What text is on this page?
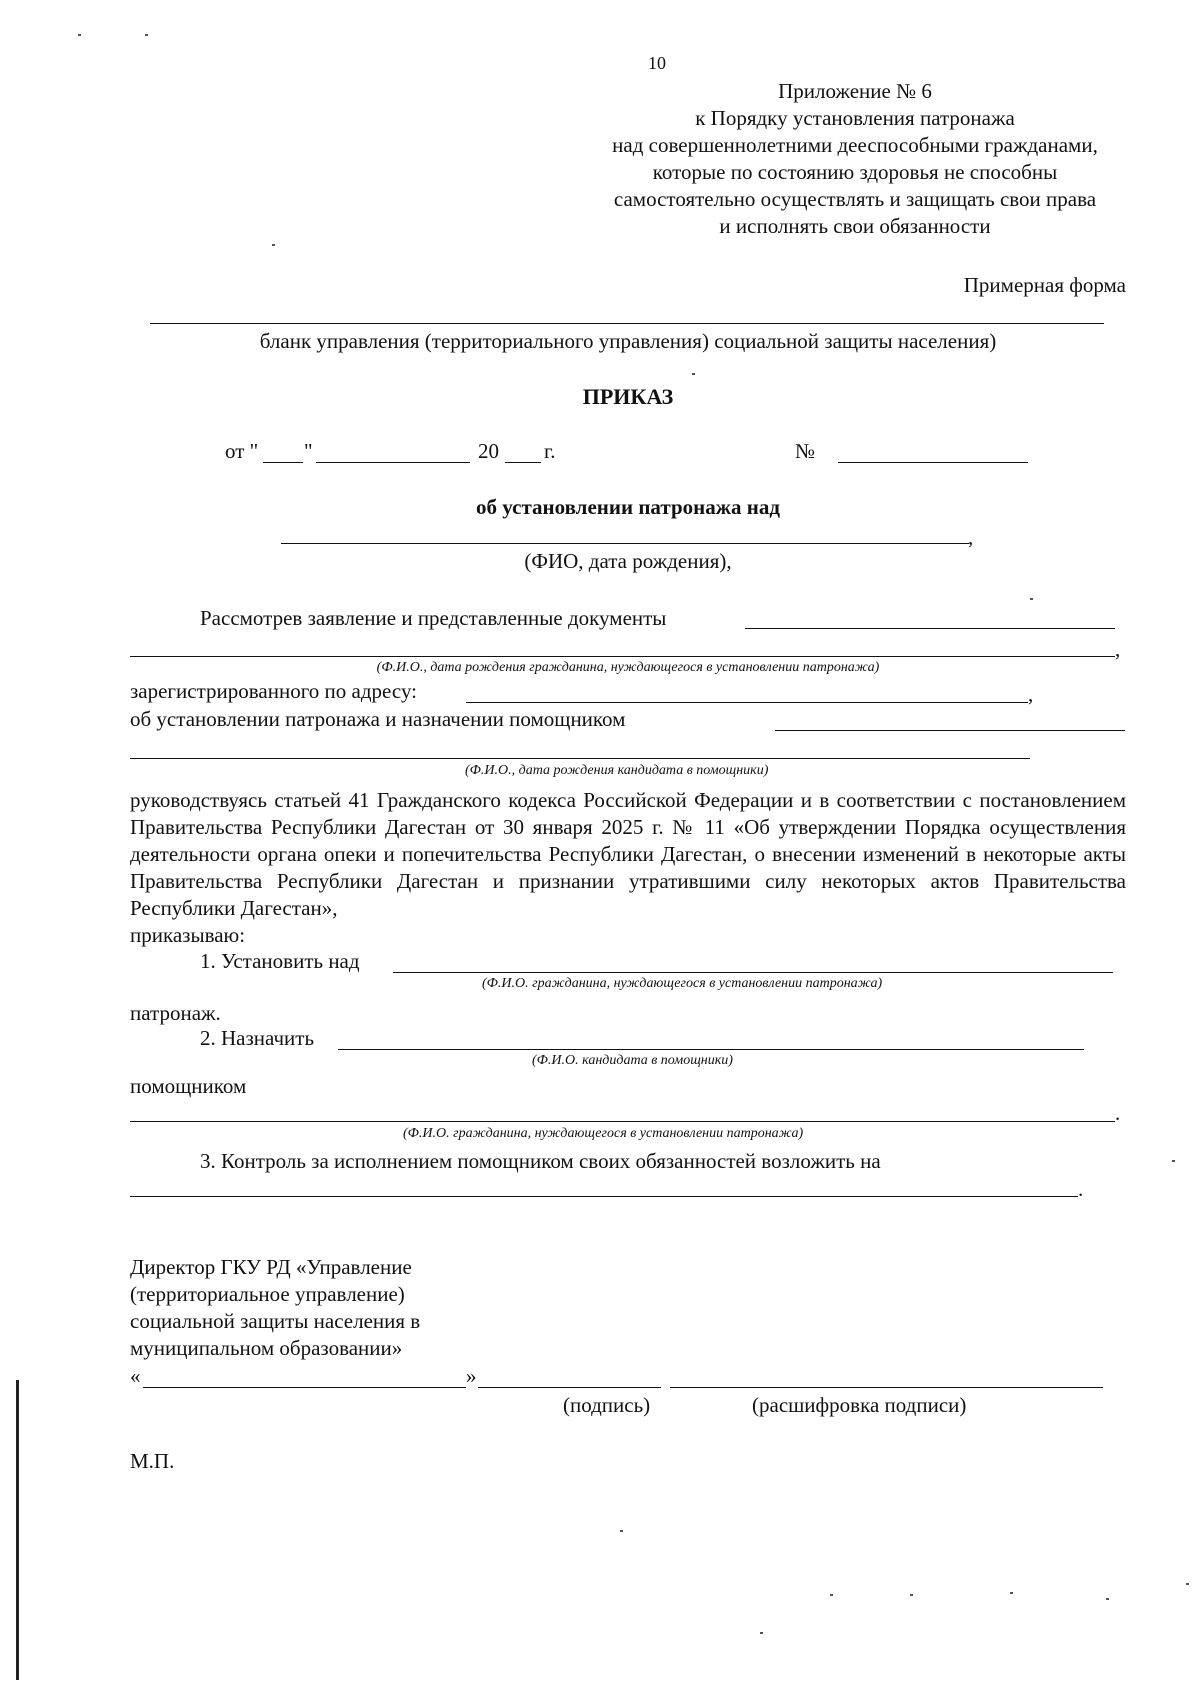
10
Приложение № 6
к Порядку установления патронажа
над совершеннолетними дееспособными гражданами,
которые по состоянию здоровья не способны
самостоятельно осуществлять и защищать свои права
и исполнять свои обязанности
Примерная форма
бланк управления (территориального управления) социальной защиты населения)
ПРИКАЗ
от " "	20 г.	№
об установлении патронажа над
,
(ФИО, дата рождения),
Рассмотрев заявление и представленные документы
,
(Ф.И.О., дата рождения гражданина, нуждающегося в установлении патронажа)
зарегистрированного по адресу:	,
об установлении патронажа и назначении помощником
(Ф.И.О., дата рождения кандидата в помощники)
руководствуясь статьей 41 Гражданского кодекса Российской Федерации и в соответствии с постановлением Правительства Республики Дагестан от 30 января 2025 г. № 11 «Об утверждении Порядка осуществления деятельности органа опеки и попечительства Республики Дагестан, о внесении изменений в некоторые акты Правительства Республики Дагестан и признании утратившими силу некоторых актов Правительства Республики Дагестан»,
приказываю:
1. Установить над
(Ф.И.О. гражданина, нуждающегося в установлении патронажа)
патронаж.
2. Назначить
(Ф.И.О. кандидата в помощники)
помощником
.
(Ф.И.О. гражданина, нуждающегося в установлении патронажа)
3. Контроль за исполнением помощником своих обязанностей возложить на
.
Директор ГКУ РД «Управление
(территориальное управление)
социальной защиты населения в
муниципальном образовании»
«	»
(подпись)	(расшифровка подписи)
М.П.
